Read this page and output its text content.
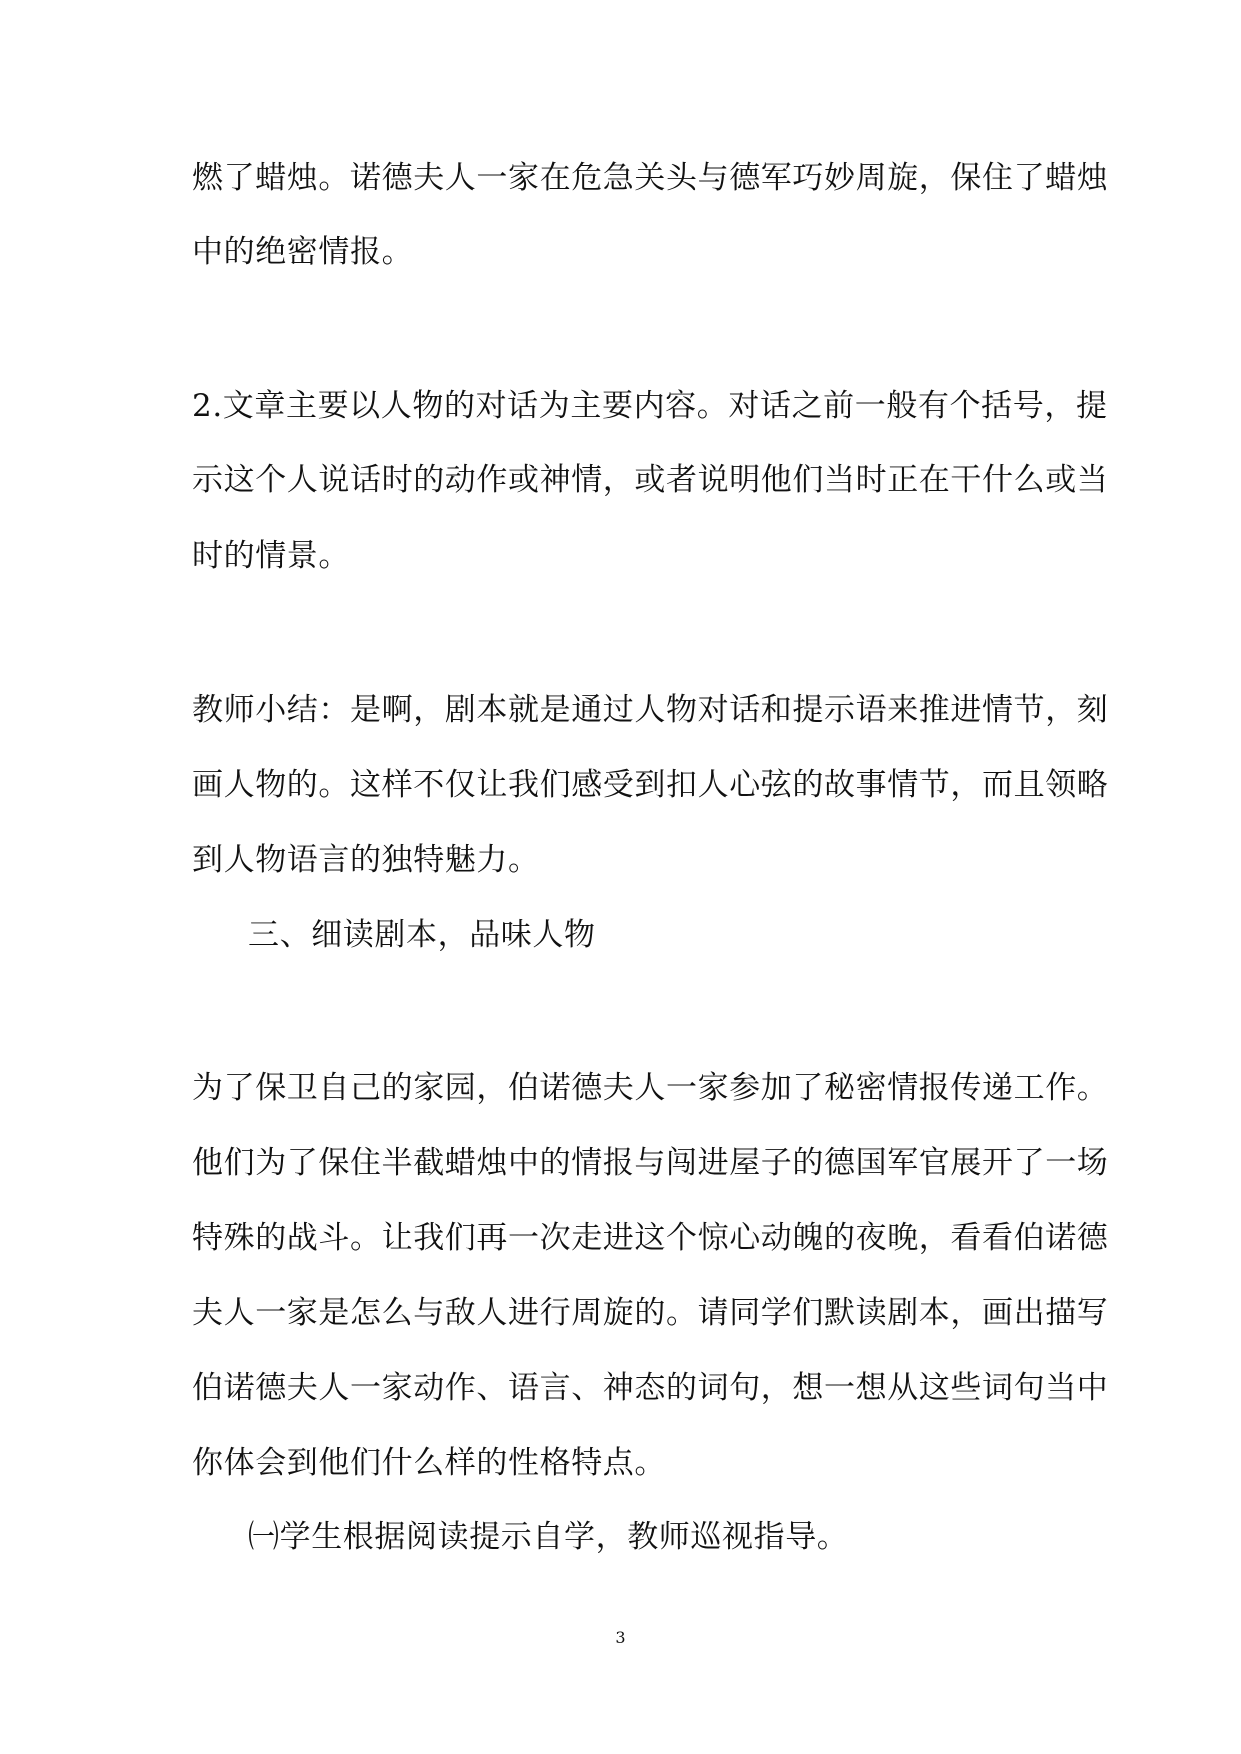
燃了蜡烛。诺德夫人一家在危急关头与德军巧妙周旋，保住了蜡烛
中的绝密情报。
2.文章主要以人物的对话为主要内容。对话之前一般有个括号，提
示这个人说话时的动作或神情，或者说明他们当时正在干什么或当
时的情景。
教师小结：是啊，剧本就是通过人物对话和提示语来推进情节，刻
画人物的。这样不仅让我们感受到扣人心弦的故事情节，而且领略
到人物语言的独特魅力。
三、细读剧本，品味人物
为了保卫自己的家园，伯诺德夫人一家参加了秘密情报传递工作。
他们为了保住半截蜡烛中的情报与闯进屋子的德国军官展开了一场
特殊的战斗。让我们再一次走进这个惊心动魄的夜晚，看看伯诺德
夫人一家是怎么与敌人进行周旋的。请同学们默读剧本，画出描写
伯诺德夫人一家动作、语言、神态的词句，想一想从这些词句当中
你体会到他们什么样的性格特点。
㈠学生根据阅读提示自学，教师巡视指导。
3
